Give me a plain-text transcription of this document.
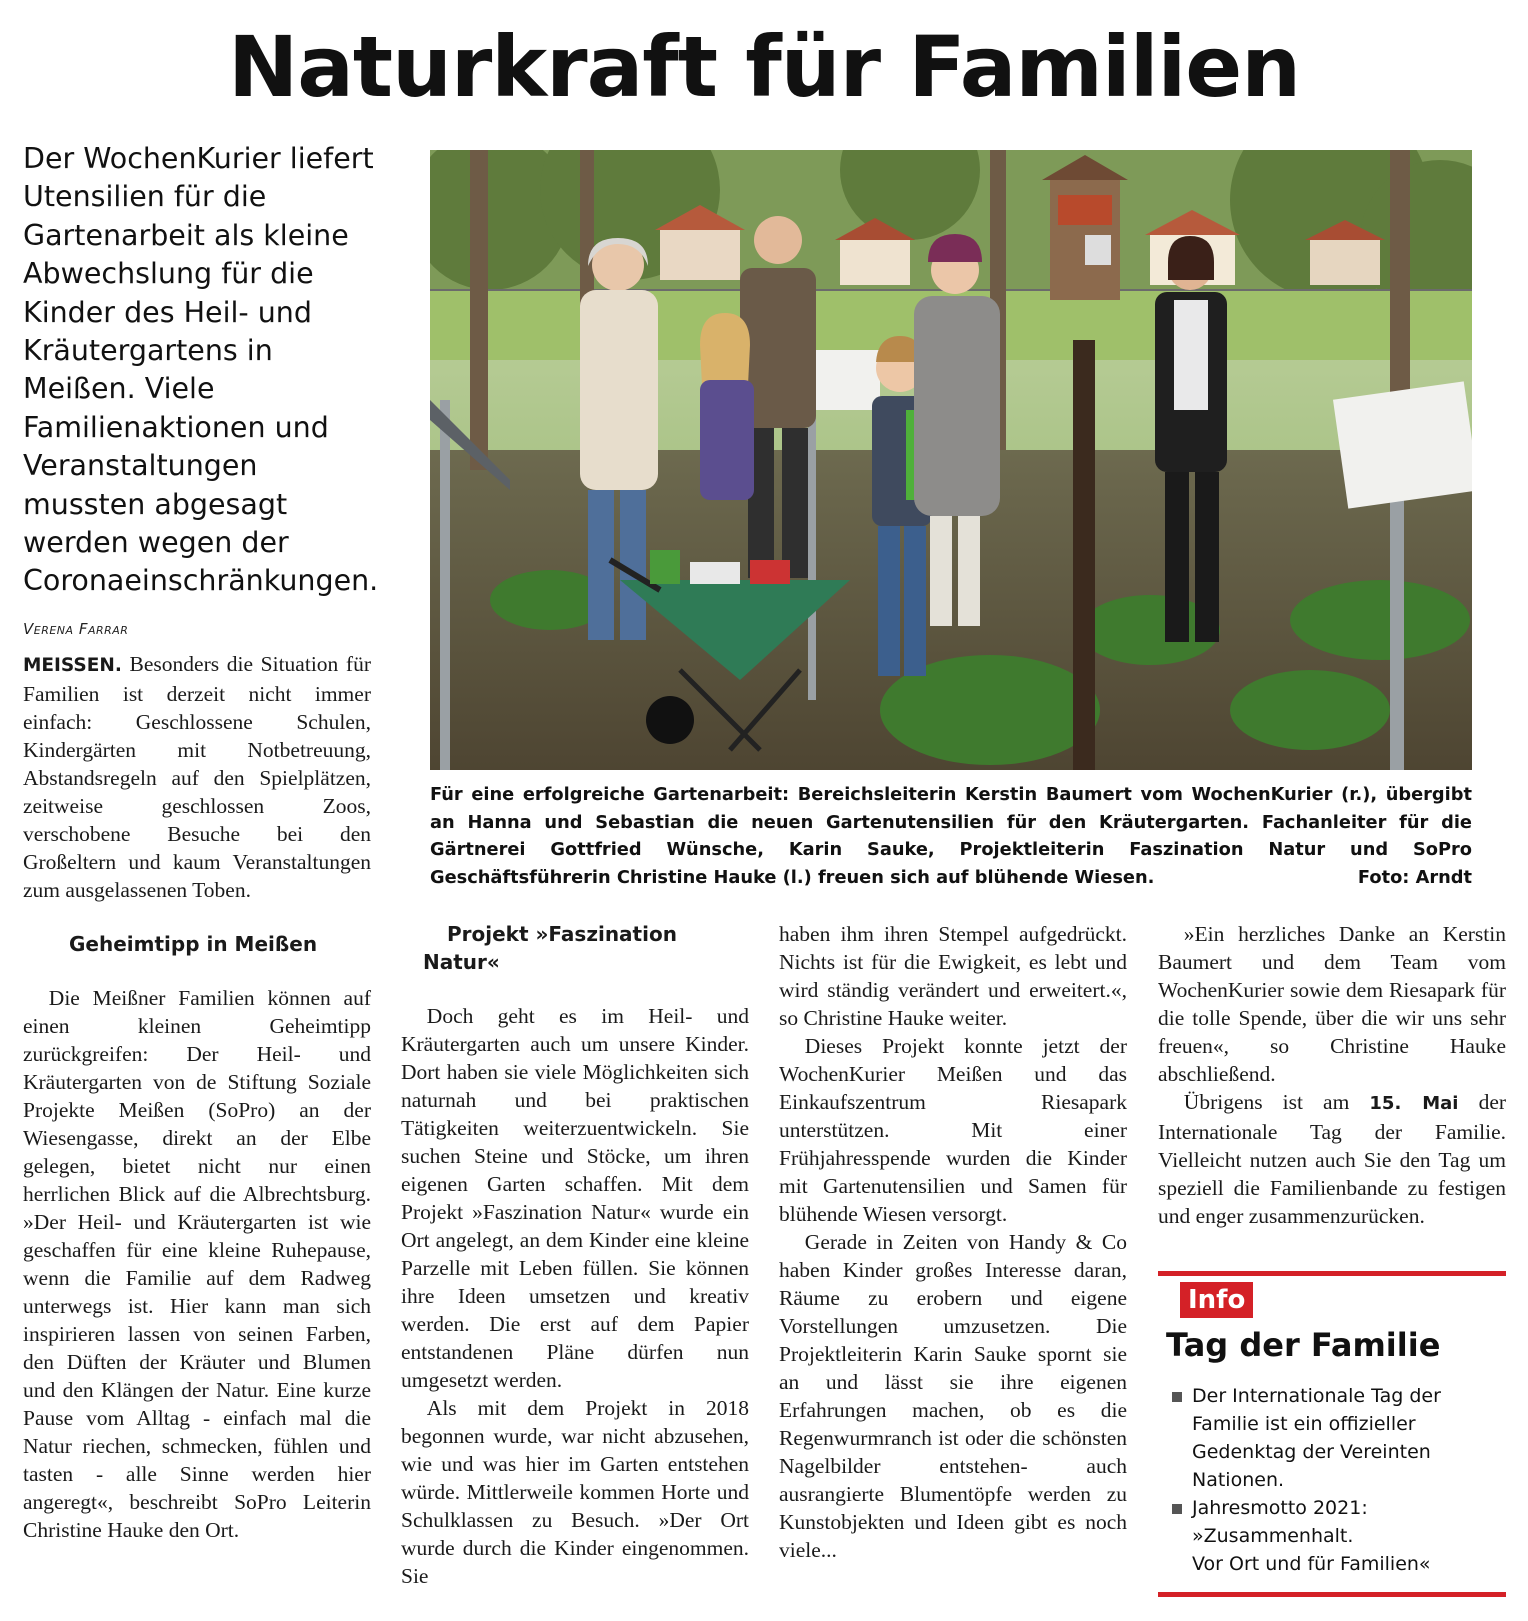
Naturkraft für Familien

Der WochenKurier liefert Utensilien für die Gartenarbeit als kleine Abwechslung für die Kinder des Heil- und Kräutergartens in Meißen. Viele Familienaktionen und Veranstaltungen mussten abgesagt werden wegen der Coronaeinschränkungen.

Verena Farrar

MEISSEN. Besonders die Situation für Familien ist derzeit nicht immer einfach: Geschlossene Schulen, Kindergärten mit Notbetreuung, Abstandsregeln auf den Spielplätzen, zeitweise geschlossen Zoos, verschobene Besuche bei den Großeltern und kaum Veranstaltungen zum ausgelassenen Toben.

Geheimtipp in Meißen

Die Meißner Familien können auf einen kleinen Geheimtipp zurückgreifen: Der Heil- und Kräutergarten von de Stiftung Soziale Projekte Meißen (SoPro) an der Wiesengasse, direkt an der Elbe gelegen, bietet nicht nur einen herrlichen Blick auf die Albrechtsburg. »Der Heil- und Kräutergarten ist wie geschaffen für eine kleine Ruhepause, wenn die Familie auf dem Radweg unterwegs ist. Hier kann man sich inspirieren lassen von seinen Farben, den Düften der Kräuter und Blumen und den Klängen der Natur. Eine kurze Pause vom Alltag - einfach mal die Natur riechen, schmecken, fühlen und tasten - alle Sinne werden hier angeregt«, beschreibt SoPro Leiterin Christine Hauke den Ort.

Für eine erfolgreiche Gartenarbeit: Bereichsleiterin Kerstin Baumert vom WochenKurier (r.), übergibt an Hanna und Sebastian die neuen Gartenutensilien für den Kräutergarten. Fachanleiter für die Gärtnerei Gottfried Wünsche, Karin Sauke, Projektleiterin Faszination Natur und SoPro Geschäftsführerin Christine Hauke (l.) freuen sich auf blühende Wiesen.	Foto: Arndt

Projekt »Faszination Natur«

Doch geht es im Heil- und Kräutergarten auch um unsere Kinder. Dort haben sie viele Möglichkeiten sich naturnah und bei praktischen Tätigkeiten weiterzuentwickeln. Sie suchen Steine und Stöcke, um ihren eigenen Garten schaffen. Mit dem Projekt »Faszination Natur« wurde ein Ort angelegt, an dem Kinder eine kleine Parzelle mit Leben füllen. Sie können ihre Ideen umsetzen und kreativ werden. Die erst auf dem Papier entstandenen Pläne dürfen nun umgesetzt werden.

Als mit dem Projekt in 2018 begonnen wurde, war nicht abzusehen, wie und was hier im Garten entstehen würde. Mittlerweile kommen Horte und Schulklassen zu Besuch. »Der Ort wurde durch die Kinder eingenommen. Sie

haben ihm ihren Stempel aufgedrückt. Nichts ist für die Ewigkeit, es lebt und wird ständig verändert und erweitert.«, so Christine Hauke weiter.

Dieses Projekt konnte jetzt der WochenKurier Meißen und das Einkaufszentrum Riesapark unterstützen. Mit einer Frühjahresspende wurden die Kinder mit Gartenutensilien und Samen für blühende Wiesen versorgt.

Gerade in Zeiten von Handy & Co haben Kinder großes Interesse daran, Räume zu erobern und eigene Vorstellungen umzusetzen. Die Projektleiterin Karin Sauke spornt sie an und lässt sie ihre eigenen Erfahrungen machen, ob es die Regenwurmranch ist oder die schönsten Nagelbilder entstehen- auch ausrangierte Blumentöpfe werden zu Kunstobjekten und Ideen gibt es noch viele...

»Ein herzliches Danke an Kerstin Baumert und dem Team vom WochenKurier sowie dem Riesapark für die tolle Spende, über die wir uns sehr freuen«, so Christine Hauke abschließend.

Übrigens ist am 15. Mai der Internationale Tag der Familie. Vielleicht nutzen auch Sie den Tag um speziell die Familienbande zu festigen und enger zusammenzurücken.

Info
Tag der Familie
Der Internationale Tag der Familie ist ein offizieller Gedenktag der Vereinten Nationen.
Jahresmotto 2021:
»Zusammenhalt.
Vor Ort und für Familien«
